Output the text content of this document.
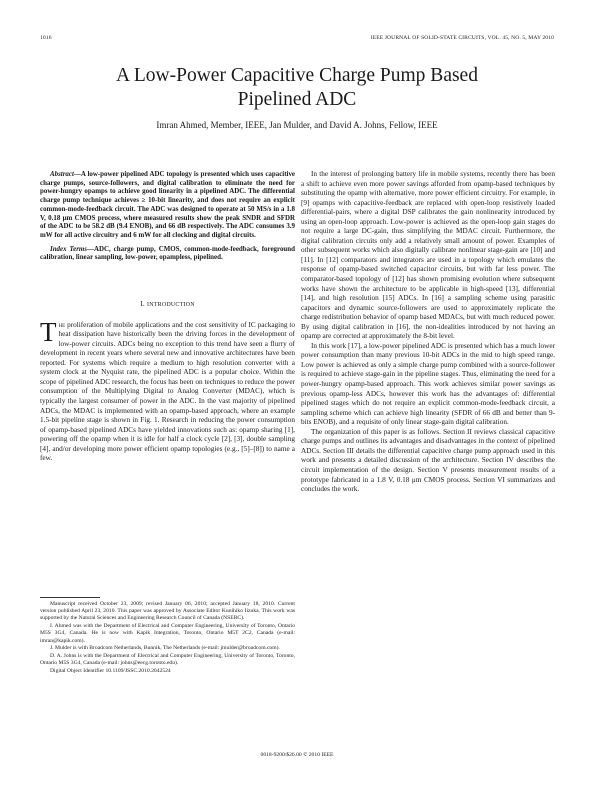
1016	IEEE JOURNAL OF SOLID-STATE CIRCUITS, VOL. 45, NO. 5, MAY 2010
A Low-Power Capacitive Charge Pump Based
Pipelined ADC
Imran Ahmed, Member, IEEE, Jan Mulder, and David A. Johns, Fellow, IEEE

Abstract—A low-power pipelined ADC topology is presented which uses capacitive charge pumps, source-followers, and digital calibration to eliminate the need for power-hungry opamps to achieve good linearity in a pipelined ADC. The differential charge pump technique achieves ≥ 10-bit linearity, and does not require an explicit common-mode-feedback circuit. The ADC was designed to operate at 50 MS/s in a 1.8 V, 0.18 μm CMOS process, where measured results show the peak SNDR and SFDR of the ADC to be 58.2 dB (9.4 ENOB), and 66 dB respectively. The ADC consumes 3.9 mW for all active circuitry and 6 mW for all clocking and digital circuits.

Index Terms—ADC, charge pump, CMOS, common-mode-feedback, foreground calibration, linear sampling, low-power, opampless, pipelined.

I. INTRODUCTION

The proliferation of mobile applications and the cost sensitivity of IC packaging to heat dissipation have historically been the driving forces in the development of low-power circuits. ADCs being no exception to this trend have seen a flurry of development in recent years where several new and innovative architectures have been reported. For systems which require a medium to high resolution converter with a system clock at the Nyquist rate, the pipelined ADC is a popular choice. Within the scope of pipelined ADC research, the focus has been on techniques to reduce the power consumption of the Multiplying Digital to Analog Converter (MDAC), which is typically the largest consumer of power in the ADC. In the vast majority of pipelined ADCs, the MDAC is implemented with an opamp-based approach, where an example 1.5-bit pipeline stage is shown in Fig. 1. Research in reducing the power consumption of opamp-based pipelined ADCs have yielded innovations such as: opamp sharing [1], powering off the opamp when it is idle for half a clock cycle [2], [3], double sampling [4], and/or developing more power efficient opamp topologies (e.g., [5]–[8]) to name a few.

Manuscript received October 23, 2009; revised January 06, 2010; accepted January 18, 2010. Current version published April 23, 2010. This paper was approved by Associate Editor Kunihiko Iizuka. This work was supported by the Natural Sciences and Engineering Research Council of Canada (NSERC).

I. Ahmed was with the Department of Electrical and Computer Engineering, University of Toronto, Ontario M5S 3G4, Canada. He is now with Kapik Integration, Toronto, Ontario M5T 2C2, Canada (e-mail: imran@kapik.com).

J. Mulder is with Broadcom Netherlands, Bunnik, The Netherlands (e-mail: jmulder@broadcom.com).

D. A. Johns is with the Department of Electrical and Computer Engineering, University of Toronto, Toronto, Ontario M5S 3G4, Canada (e-mail: johns@eecg.toronto.edu).

Digital Object Identifier 10.1109/JSSC.2010.2042524

In the interest of prolonging battery life in mobile systems, recently there has been a shift to achieve even more power savings afforded from opamp-based techniques by substituting the opamp with alternative, more power efficient circuitry. For example, in [9] opamps with capacitive-feedback are replaced with open-loop resistively loaded differential-pairs, where a digital DSP calibrates the gain nonlinearity introduced by using an open-loop approach. Low-power is achieved as the open-loop gain stages do not require a large DC-gain, thus simplifying the MDAC circuit. Furthermore, the digital calibration circuits only add a relatively small amount of power. Examples of other subsequent works which also digitally calibrate nonlinear stage-gain are [10] and [11]. In [12] comparators and integrators are used in a topology which emulates the response of opamp-based switched capacitor circuits, but with far less power. The comparator-based topology of [12] has shown promising evolution where subsequent works have shown the architecture to be applicable in high-speed [13], differential [14], and high resolution [15] ADCs. In [16] a sampling scheme using parasitic capacitors and dynamic source-followers are used to approximately replicate the charge redistribution behavior of opamp based MDACs, but with much reduced power. By using digital calibration in [16], the non-idealities introduced by not having an opamp are corrected at approximately the 8-bit level.

In this work [17], a low-power pipelined ADC is presented which has a much lower power consumption than many previous 10-bit ADCs in the mid to high speed range. Low power is achieved as only a simple charge pump combined with a source-follower is required to achieve stage-gain in the pipeline stages. Thus, eliminating the need for a power-hungry opamp-based approach. This work achieves similar power savings as previous opamp-less ADCs, however this work has the advantages of: differential pipelined stages which do not require an explicit common-mode-feedback circuit, a sampling scheme which can achieve high linearity (SFDR of 66 dB and better than 9-bits ENOB), and a requisite of only linear stage-gain digital calibration.

The organization of this paper is as follows. Section II reviews classical capacitive charge pumps and outlines its advantages and disadvantages in the context of pipelined ADCs. Section III details the differential capacitive charge pump approach used in this work and presents a detailed discussion of the architecture. Section IV describes the circuit implementation of the design. Section V presents measurement results of a prototype fabricated in a 1.8 V, 0.18 μm CMOS process. Section VI summarizes and concludes the work.

0018-9200/$26.00 © 2010 IEEE
